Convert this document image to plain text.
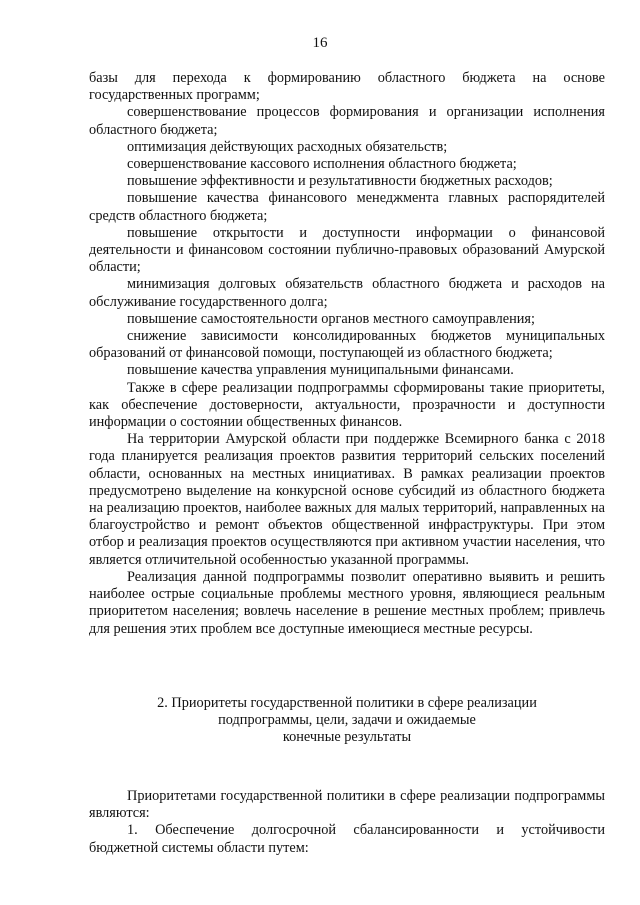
16

базы для перехода к формированию областного бюджета на основе государственных программ;

совершенствование процессов формирования и организации исполнения областного бюджета;

оптимизация действующих расходных обязательств;

совершенствование кассового исполнения областного бюджета;

повышение эффективности и результативности бюджетных расходов;

повышение качества финансового менеджмента главных распорядителей средств областного бюджета;

повышение открытости и доступности информации о финансовой деятельности и финансовом состоянии публично-правовых образований Амурской области;

минимизация долговых обязательств областного бюджета и расходов на обслуживание государственного долга;

повышение самостоятельности органов местного самоуправления;

снижение зависимости консолидированных бюджетов муниципальных образований от финансовой помощи, поступающей из областного бюджета;

повышение качества управления муниципальными финансами.

Также в сфере реализации подпрограммы сформированы такие приоритеты, как обеспечение достоверности, актуальности, прозрачности и доступности информации о состоянии общественных финансов.

На территории Амурской области при поддержке Всемирного банка с 2018 года планируется реализация проектов развития территорий сельских поселений области, основанных на местных инициативах. В рамках реализации проектов предусмотрено выделение на конкурсной основе субсидий из областного бюджета на реализацию проектов, наиболее важных для малых территорий, направленных на благоустройство и ремонт объектов общественной инфраструктуры. При этом отбор и реализация проектов осуществляются при активном участии населения, что является отличительной особенностью указанной программы.

Реализация данной подпрограммы позволит оперативно выявить и решить наиболее острые социальные проблемы местного уровня, являющиеся реальным приоритетом населения; вовлечь население в решение местных проблем; привлечь для решения этих проблем все доступные имеющиеся местные ресурсы.

2. Приоритеты государственной политики в сфере реализации
подпрограммы, цели, задачи и ожидаемые
конечные результаты

Приоритетами государственной политики в сфере реализации подпрограммы являются:

1. Обеспечение долгосрочной сбалансированности и устойчивости бюджетной системы области путем:
